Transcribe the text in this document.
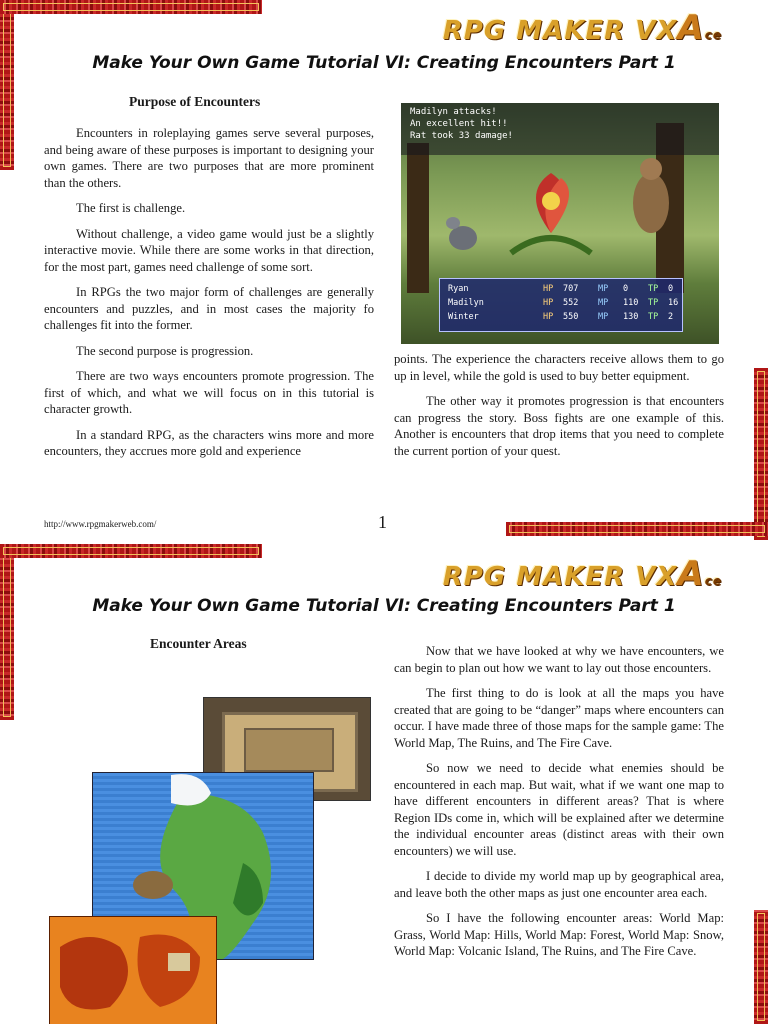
RPG MAKER VXAce
Make Your Own Game Tutorial VI: Creating Encounters Part 1
Purpose of Encounters

Encounters in roleplaying games serve several purposes, and being aware of these purposes is important to designing your own games. There are two purposes that are more prominent than the others.

The first is challenge.

Without challenge, a video game would just be a slightly interactive movie. While there are some works in that direction, for the most part, games need challenge of some sort.

In RPGs the two major form of challenges are generally encounters and puzzles, and in most cases the majority fo challenges fit into the former.

The second purpose is progression.

There are two ways encounters promote progression. The first of which, and what we will focus on in this tutorial is character growth.

In a standard RPG, as the characters wins more and more encounters, they accrues more gold and experience

Madilyn attacks!
An excellent hit!!
Rat took 33 damage!
Ryan	HP 707 MP 0 TP 0
Madilyn	HP 552 MP 110 TP 16
Winter	HP 550 MP 130 TP 2

points. The experience the characters receive allows them to go up in level, while the gold is used to buy better equipment.

The other way it promotes progression is that encounters can progress the story. Boss fights are one example of this. Another is encounters that drop items that you need to complete the current portion of your quest.

http://www.rpgmakerweb.com/	1
RPG MAKER VXAce
Make Your Own Game Tutorial VI: Creating Encounters Part 1
Encounter Areas	Now that we have looked at why we have encounters, we can begin to plan out how we want to lay out those encounters.

The first thing to do is look at all the maps you have created that are going to be “danger” maps where encounters can occur. I have made three of those maps for the sample game: The World Map, The Ruins, and The Fire Cave.

So now we need to decide what enemies should be encountered in each map. But wait, what if we want one map to have different encounters in different areas? That is where Region IDs come in, which will be explained after we determine the individual encounter areas (distinct areas with their own encounters) we will use.

I decide to divide my world map up by geographical area, and leave both the other maps as just one encounter area each.

So I have the following encounter areas: World Map: Grass, World Map: Hills, World Map: Forest, World Map: Snow, World Map: Volcanic Island, The Ruins, and The Fire Cave.
